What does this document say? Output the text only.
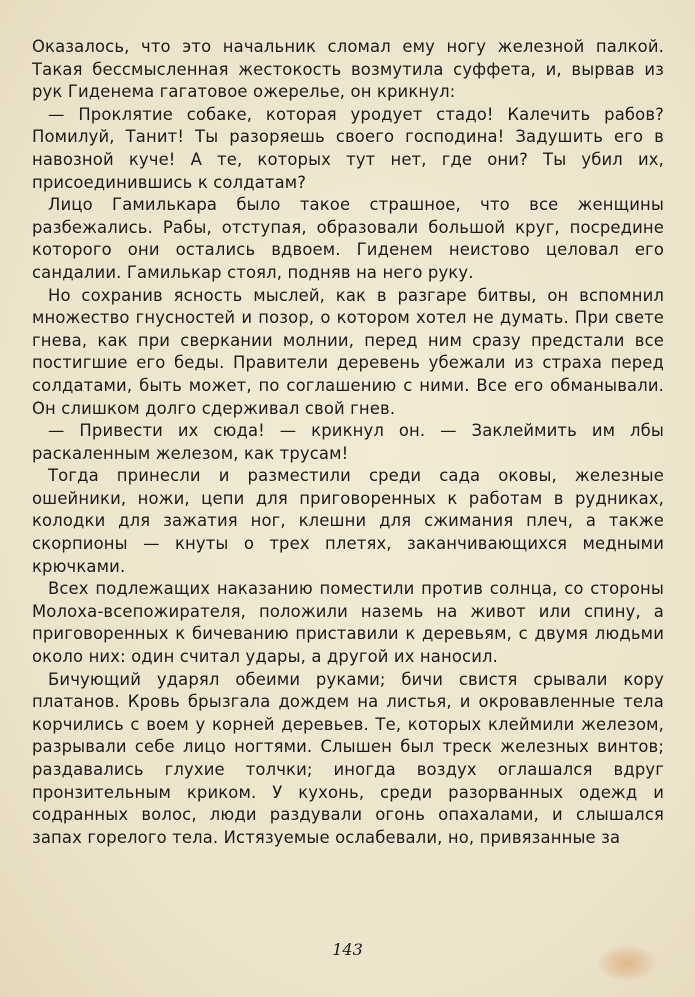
Оказалось, что это начальник сломал ему ногу железной палкой. Такая бессмысленная жестокость возмутила суффета, и, вырвав из рук Гиденема гагатовое ожерелье, он крикнул:

— Проклятие собаке, которая уродует стадо! Калечить рабов? Помилуй, Танит! Ты разоряешь своего господина! Задушить его в навозной куче! А те, которых тут нет, где они? Ты убил их, присоединившись к солдатам?

Лицо Гамилькара было такое страшное, что все женщины разбежались. Рабы, отступая, образовали большой круг, посредине которого они остались вдвоем. Гиденем неистово целовал его сандалии. Гамилькар стоял, подняв на него руку.

Но сохранив ясность мыслей, как в разгаре битвы, он вспомнил множество гнусностей и позор, о котором хотел не думать. При свете гнева, как при сверкании молнии, перед ним сразу предстали все постигшие его беды. Правители деревень убежали из страха перед солдатами, быть может, по соглашению с ними. Все его обманывали. Он слишком долго сдерживал свой гнев.

— Привести их сюда! — крикнул он. — Заклеймить им лбы раскаленным железом, как трусам!

Тогда принесли и разместили среди сада оковы, железные ошейники, ножи, цепи для приговоренных к работам в рудниках, колодки для зажатия ног, клешни для сжимания плеч, а также скорпионы — кнуты о трех плетях, заканчивающихся медными крючками.

Всех подлежащих наказанию поместили против солнца, со стороны Молоха-всепожирателя, положили наземь на живот или спину, а приговоренных к бичеванию приставили к деревьям, с двумя людьми около них: один считал удары, а другой их наносил.

Бичующий ударял обеими руками; бичи свистя срывали кору платанов. Кровь брызгала дождем на листья, и окровавленные тела корчились с воем у корней деревьев. Те, которых клеймили железом, разрывали себе лицо ногтями. Слышен был треск железных винтов; раздавались глухие толчки; иногда воздух оглашался вдруг пронзительным криком. У кухонь, среди разорванных одежд и содранных волос, люди раздували огонь опахалами, и слышался запах горелого тела. Истязуемые ослабевали, но, привязанные за

143
